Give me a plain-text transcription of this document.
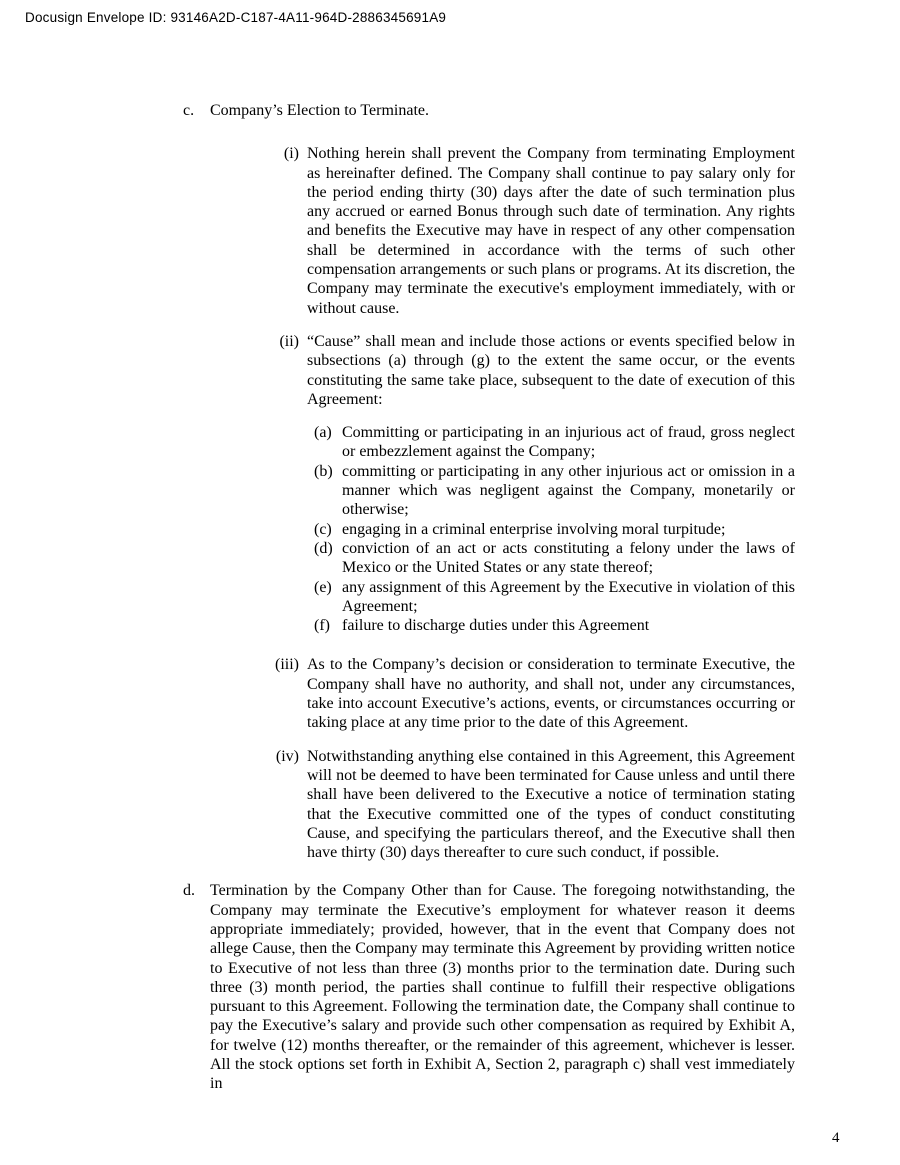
Docusign Envelope ID: 93146A2D-C187-4A11-964D-2886345691A9
c. Company’s Election to Terminate.
(i) Nothing herein shall prevent the Company from terminating Employment as hereinafter defined. The Company shall continue to pay salary only for the period ending thirty (30) days after the date of such termination plus any accrued or earned Bonus through such date of termination. Any rights and benefits the Executive may have in respect of any other compensation shall be determined in accordance with the terms of such other compensation arrangements or such plans or programs. At its discretion, the Company may terminate the executive's employment immediately, with or without cause.
(ii) “Cause” shall mean and include those actions or events specified below in subsections (a) through (g) to the extent the same occur, or the events constituting the same take place, subsequent to the date of execution of this Agreement:
(a) Committing or participating in an injurious act of fraud, gross neglect or embezzlement against the Company;
(b) committing or participating in any other injurious act or omission in a manner which was negligent against the Company, monetarily or otherwise;
(c) engaging in a criminal enterprise involving moral turpitude;
(d) conviction of an act or acts constituting a felony under the laws of Mexico or the United States or any state thereof;
(e) any assignment of this Agreement by the Executive in violation of this Agreement;
(f) failure to discharge duties under this Agreement
(iii) As to the Company’s decision or consideration to terminate Executive, the Company shall have no authority, and shall not, under any circumstances, take into account Executive’s actions, events, or circumstances occurring or taking place at any time prior to the date of this Agreement.
(iv) Notwithstanding anything else contained in this Agreement, this Agreement will not be deemed to have been terminated for Cause unless and until there shall have been delivered to the Executive a notice of termination stating that the Executive committed one of the types of conduct constituting Cause, and specifying the particulars thereof, and the Executive shall then have thirty (30) days thereafter to cure such conduct, if possible.
d. Termination by the Company Other than for Cause. The foregoing notwithstanding, the Company may terminate the Executive’s employment for whatever reason it deems appropriate immediately; provided, however, that in the event that Company does not allege Cause, then the Company may terminate this Agreement by providing written notice to Executive of not less than three (3) months prior to the termination date. During such three (3) month period, the parties shall continue to fulfill their respective obligations pursuant to this Agreement. Following the termination date, the Company shall continue to pay the Executive’s salary and provide such other compensation as required by Exhibit A, for twelve (12) months thereafter, or the remainder of this agreement, whichever is lesser. All the stock options set forth in Exhibit A, Section 2, paragraph c) shall vest immediately in
4
